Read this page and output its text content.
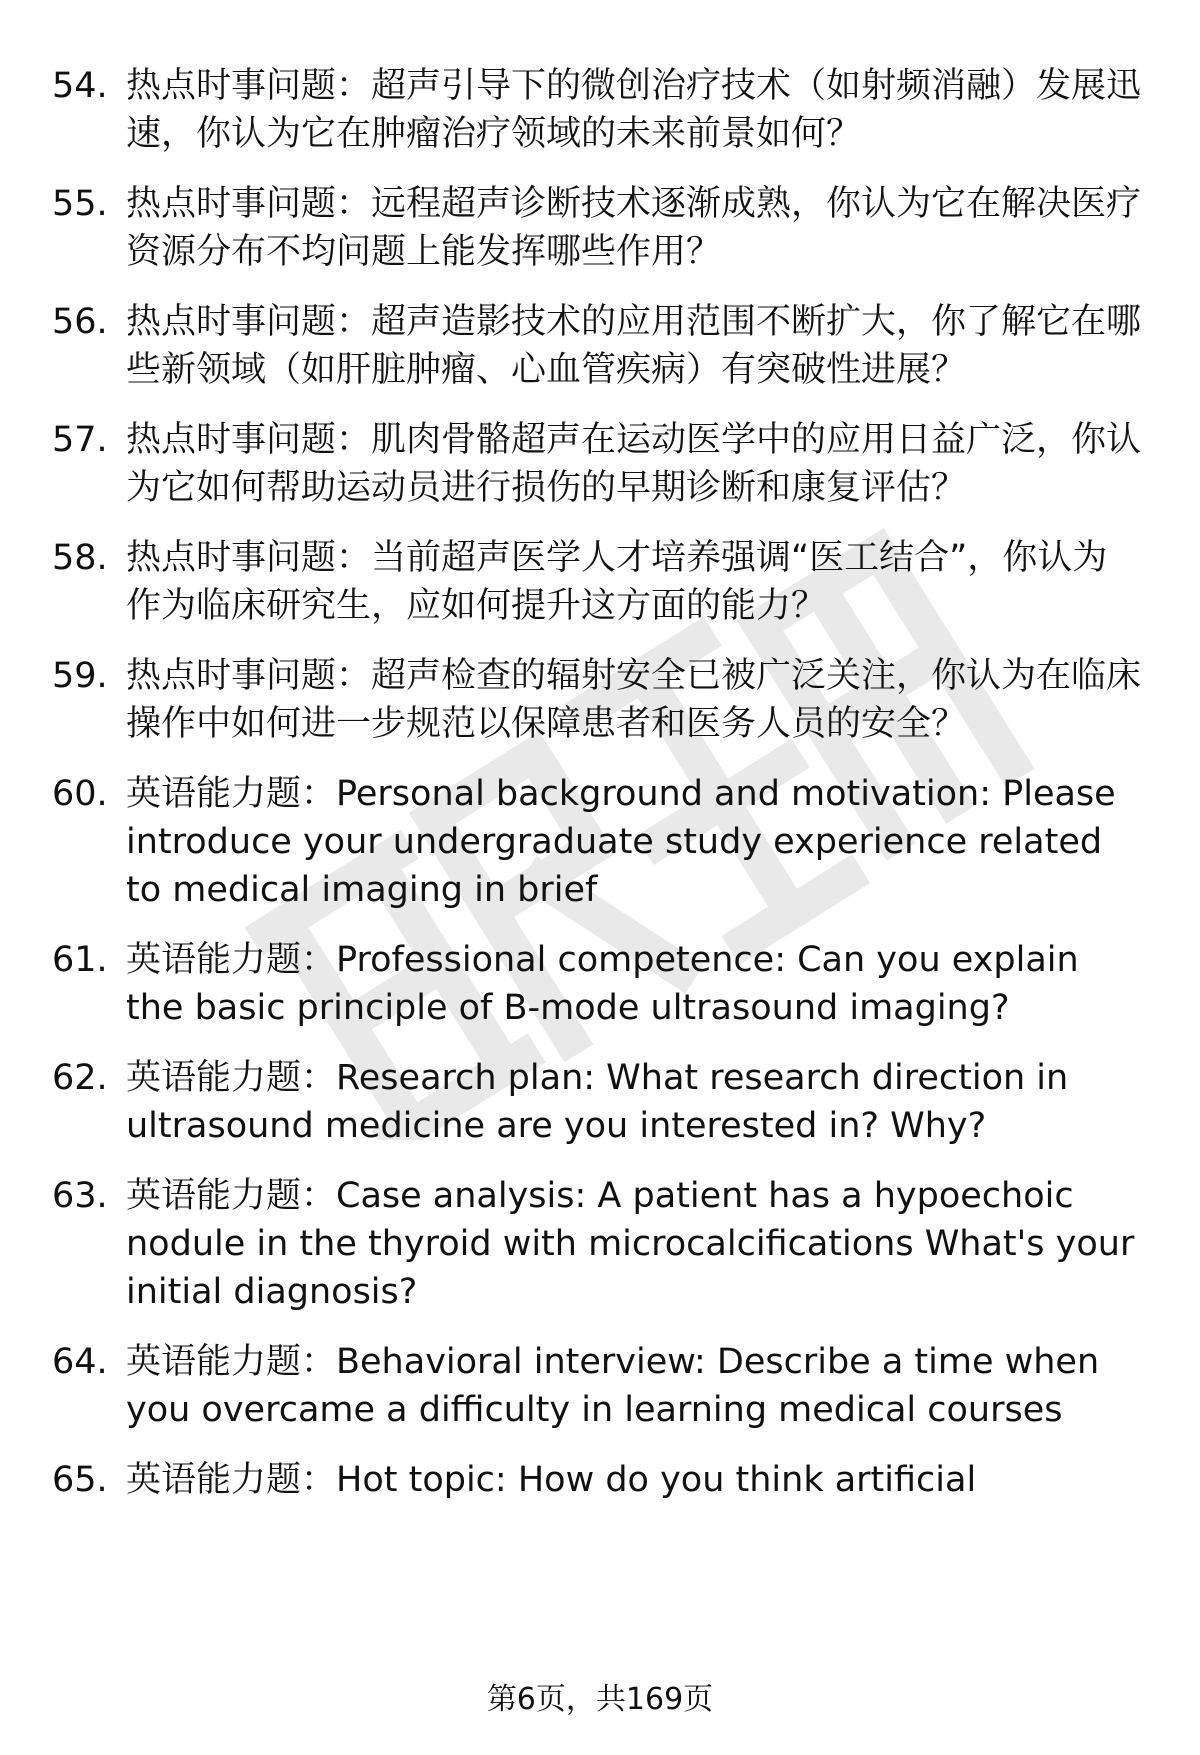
54. 热点时事问题：超声引导下的微创治疗技术（如射频消融）发展迅速，你认为它在肿瘤治疗领域的未来前景如何？
55. 热点时事问题：远程超声诊断技术逐渐成熟，你认为它在解决医疗资源分布不均问题上能发挥哪些作用？
56. 热点时事问题：超声造影技术的应用范围不断扩大，你了解它在哪些新领域（如肝脏肿瘤、心血管疾病）有突破性进展？
57. 热点时事问题：肌肉骨骼超声在运动医学中的应用日益广泛，你认为它如何帮助运动员进行损伤的早期诊断和康复评估？
58. 热点时事问题：当前超声医学人才培养强调“医工结合”，你认为作为临床研究生，应如何提升这方面的能力？
59. 热点时事问题：超声检查的辐射安全已被广泛关注，你认为在临床操作中如何进一步规范以保障患者和医务人员的安全？
60. 英语能力题：Personal background and motivation: Please introduce your undergraduate study experience related to medical imaging in brief
61. 英语能力题：Professional competence: Can you explain the basic principle of B-mode ultrasound imaging?
62. 英语能力题：Research plan: What research direction in ultrasound medicine are you interested in? Why?
63. 英语能力题：Case analysis: A patient has a hypoechoic nodule in the thyroid with microcalcifications What's your initial diagnosis?
64. 英语能力题：Behavioral interview: Describe a time when you overcame a difficulty in learning medical courses
65. 英语能力题：Hot topic: How do you think artificial
第6页，共169页
